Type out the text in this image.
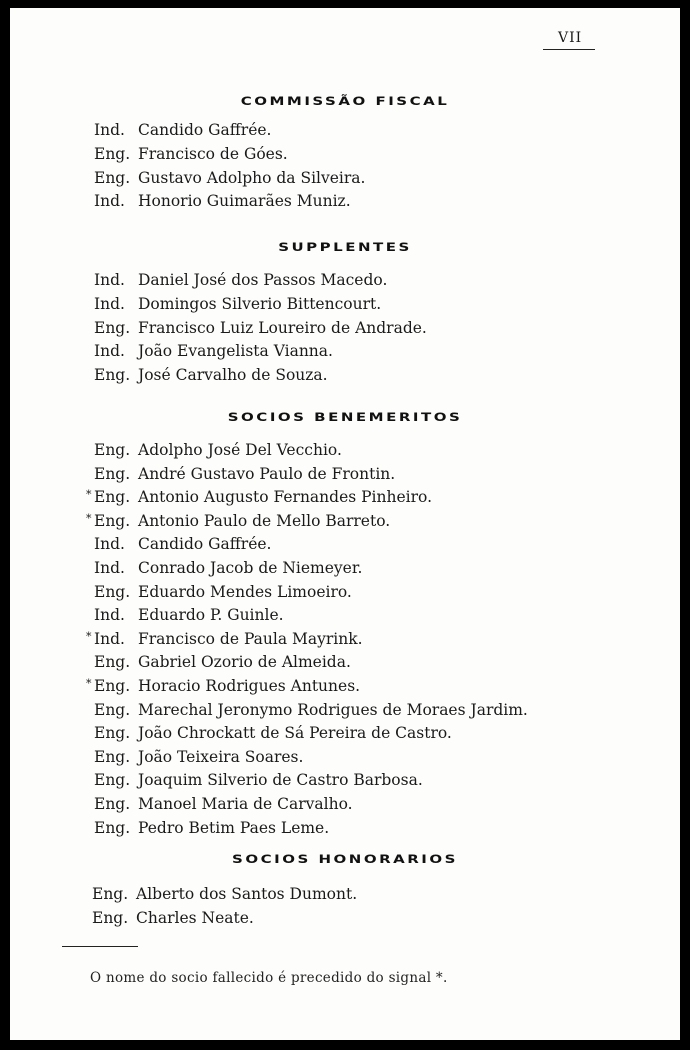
VII
COMMISSÃO FISCAL
Ind. Candido Gaffrée.
Eng. Francisco de Góes.
Eng. Gustavo Adolpho da Silveira.
Ind. Honorio Guimarães Muniz.
SUPPLENTES
Ind. Daniel José dos Passos Macedo.
Ind. Domingos Silverio Bittencourt.
Eng. Francisco Luiz Loureiro de Andrade.
Ind. João Evangelista Vianna.
Eng. José Carvalho de Souza.
SOCIOS BENEMERITOS
Eng. Adolpho José Del Vecchio.
Eng. André Gustavo Paulo de Frontin.
* Eng. Antonio Augusto Fernandes Pinheiro.
* Eng. Antonio Paulo de Mello Barreto.
Ind. Candido Gaffrée.
Ind. Conrado Jacob de Niemeyer.
Eng. Eduardo Mendes Limoeiro.
Ind. Eduardo P. Guinle.
* Ind. Francisco de Paula Mayrink.
Eng. Gabriel Ozorio de Almeida.
* Eng. Horacio Rodrigues Antunes.
Eng. Marechal Jeronymo Rodrigues de Moraes Jardim.
Eng. João Chrockatt de Sá Pereira de Castro.
Eng. João Teixeira Soares.
Eng. Joaquim Silverio de Castro Barbosa.
Eng. Manoel Maria de Carvalho.
Eng. Pedro Betim Paes Leme.
SOCIOS HONORARIOS
Eng. Alberto dos Santos Dumont.
Eng. Charles Neate.
O nome do socio fallecido é precedido do signal *.
